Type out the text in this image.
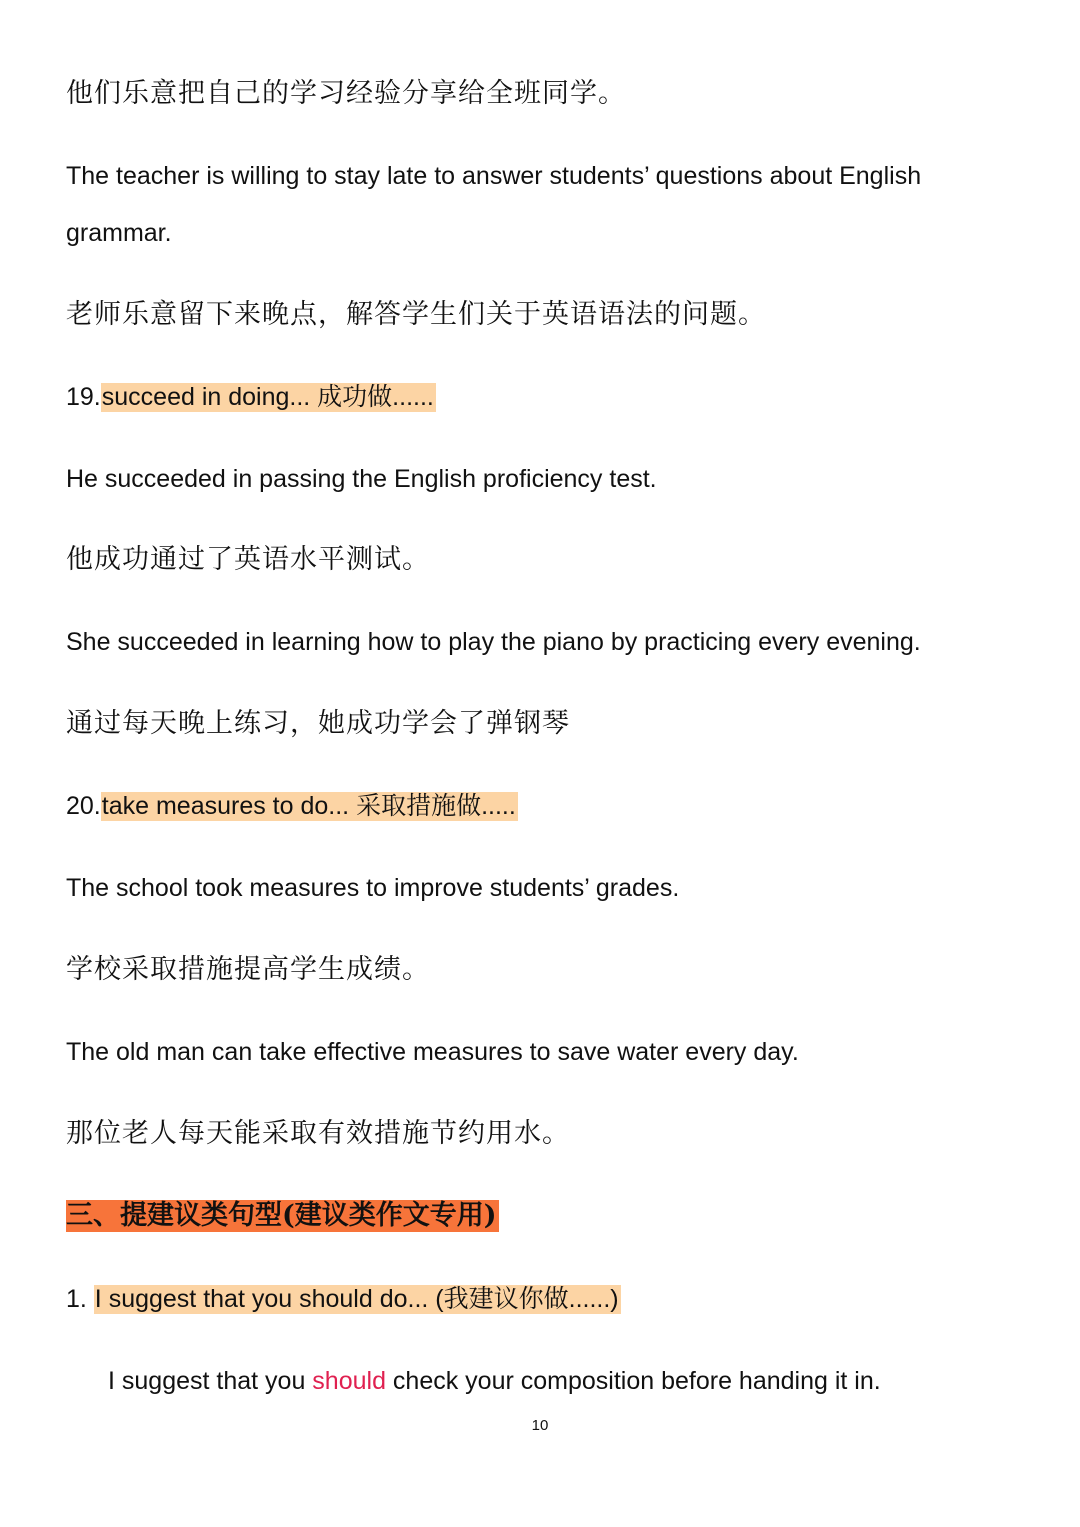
他们乐意把自己的学习经验分享给全班同学。
The teacher is willing to stay late to answer students’ questions about English
grammar.
老师乐意留下来晚点，解答学生们关于英语语法的问题。
19.succeed in doing... 成功做......
He succeeded in passing the English proficiency test.
他成功通过了英语水平测试。
She succeeded in learning how to play the piano by practicing every evening.
通过每天晚上练习，她成功学会了弹钢琴
20.take measures to do... 采取措施做.....
The school took measures to improve students’ grades.
学校采取措施提高学生成绩。
The old man can take effective measures to save water every day.
那位老人每天能采取有效措施节约用水。
三、提建议类句型(建议类作文专用)
1. I suggest that you should do... (我建议你做......)
I suggest that you should check your composition before handing it in.
10
